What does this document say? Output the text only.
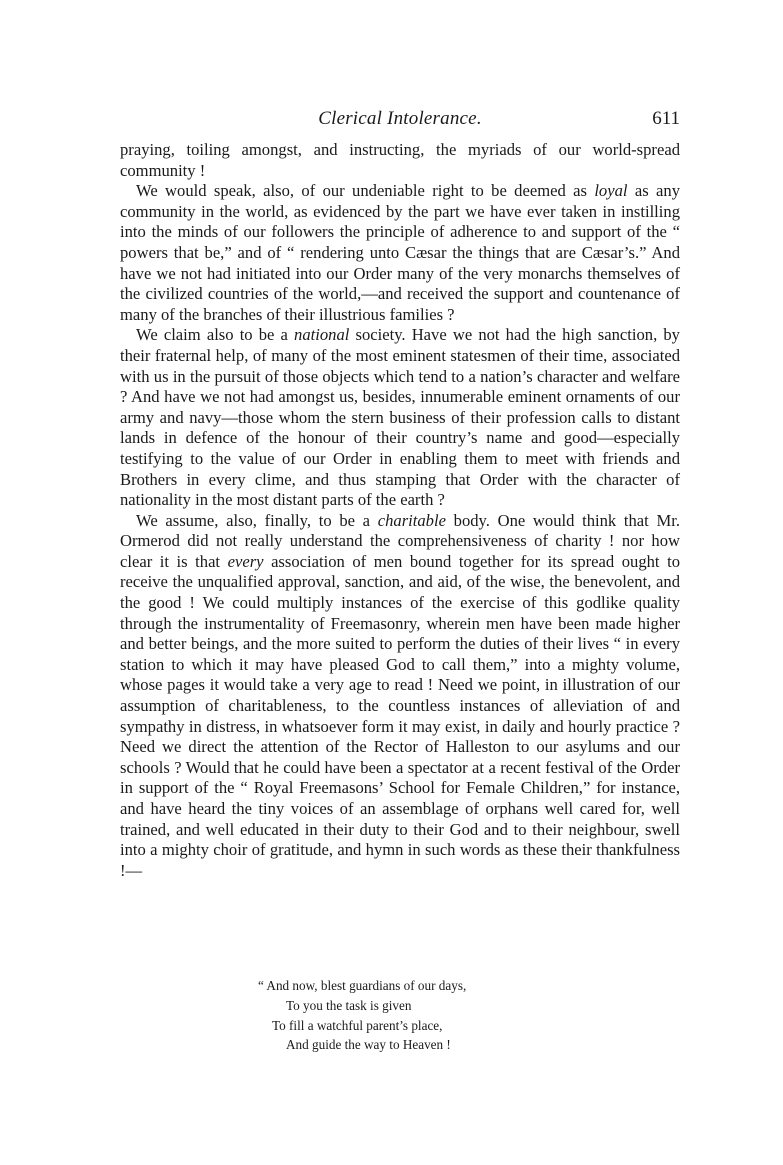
Clerical Intolerance.	611

praying, toiling amongst, and instructing, the myriads of our world-spread community !

We would speak, also, of our undeniable right to be deemed as loyal as any community in the world, as evidenced by the part we have ever taken in instilling into the minds of our followers the principle of adherence to and support of the “ powers that be,” and of “ rendering unto Cæsar the things that are Cæsar’s.” And have we not had initiated into our Order many of the very monarchs themselves of the civilized countries of the world,—and received the support and countenance of many of the branches of their illustrious families ?

We claim also to be a national society. Have we not had the high sanction, by their fraternal help, of many of the most eminent statesmen of their time, associated with us in the pursuit of those objects which tend to a nation’s character and welfare ? And have we not had amongst us, besides, innumerable eminent ornaments of our army and navy—those whom the stern business of their profession calls to distant lands in defence of the honour of their country’s name and good—especially testifying to the value of our Order in enabling them to meet with friends and Brothers in every clime, and thus stamping that Order with the character of nationality in the most distant parts of the earth ?

We assume, also, finally, to be a charitable body. One would think that Mr. Ormerod did not really understand the comprehensiveness of charity ! nor how clear it is that every association of men bound together for its spread ought to receive the unqualified approval, sanction, and aid, of the wise, the benevolent, and the good ! We could multiply instances of the exercise of this godlike quality through the instrumentality of Freemasonry, wherein men have been made higher and better beings, and the more suited to perform the duties of their lives “ in every station to which it may have pleased God to call them,” into a mighty volume, whose pages it would take a very age to read ! Need we point, in illustration of our assumption of charitableness, to the countless instances of alleviation of and sympathy in distress, in whatsoever form it may exist, in daily and hourly practice ? Need we direct the attention of the Rector of Halleston to our asylums and our schools ? Would that he could have been a spectator at a recent festival of the Order in support of the “ Royal Freemasons’ School for Female Children,” for instance, and have heard the tiny voices of an assemblage of orphans well cared for, well trained, and well educated in their duty to their God and to their neighbour, swell into a mighty choir of gratitude, and hymn in such words as these their thankfulness !—

“ And now, blest guardians of our days,
To you the task is given
To fill a watchful parent’s place,
And guide the way to Heaven !
